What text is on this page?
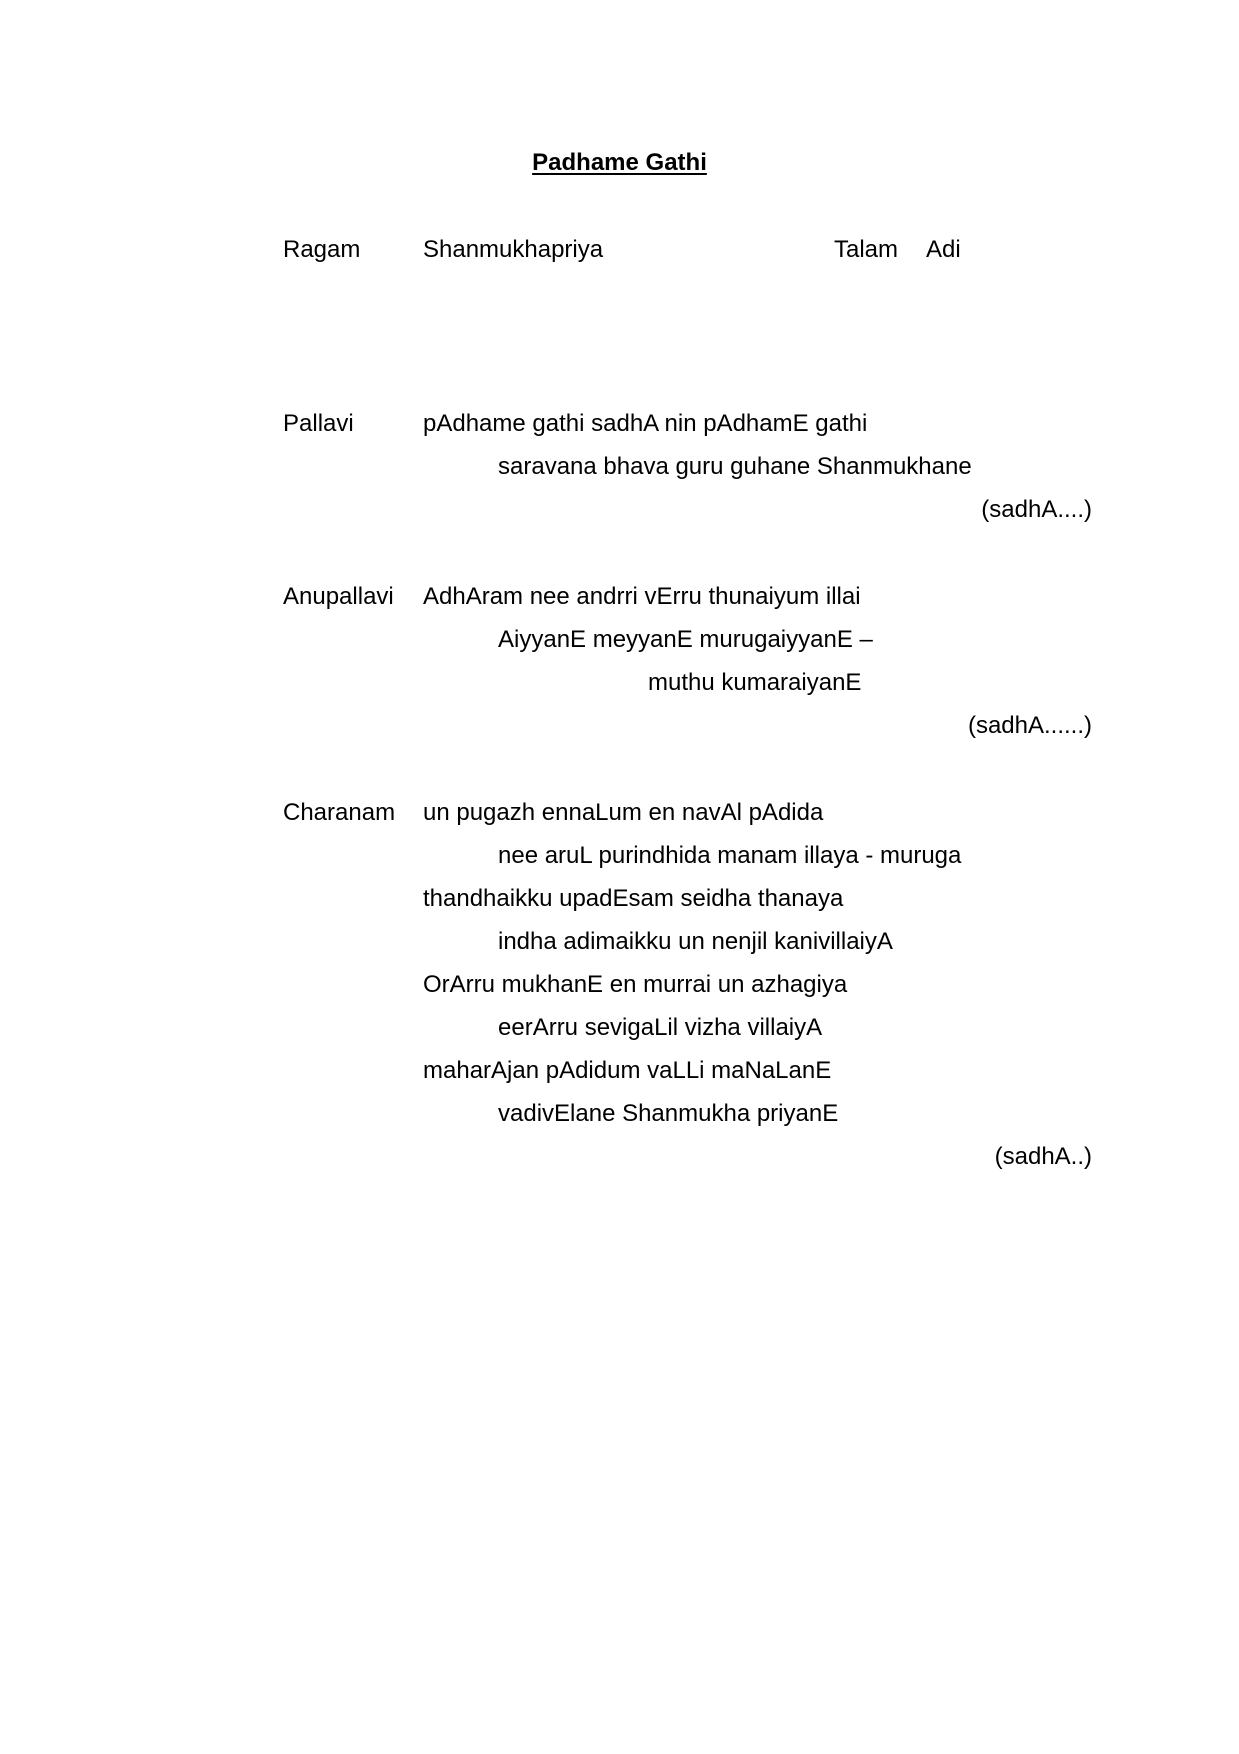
Padhame Gathi
Ragam	Shanmukhapriya	Talam Adi
Pallavi	pAdhame gathi sadhA nin pAdhamE gathi
saravana bhava guru guhane Shanmukhane
(sadhA....)
Anupallavi AdhAram nee andrri vErru thunaiyum illai
AiyyanE meyyanE murugaiyyanE –
muthu kumaraiyanE
(sadhA......)
Charanam un pugazh ennaLum en navAl pAdida
nee aruL purindhida manam illaya - muruga
thandhaikku upadEsam seidha thanaya
indha adimaikku un nenjil kanivillaiyA
OrArru mukhanE en murrai un azhagiya
eerArru sevigaLil vizha villaiyA
maharAjan pAdidum vaLLi maNaLanE
vadivElane Shanmukha priyanE
(sadhA..)
